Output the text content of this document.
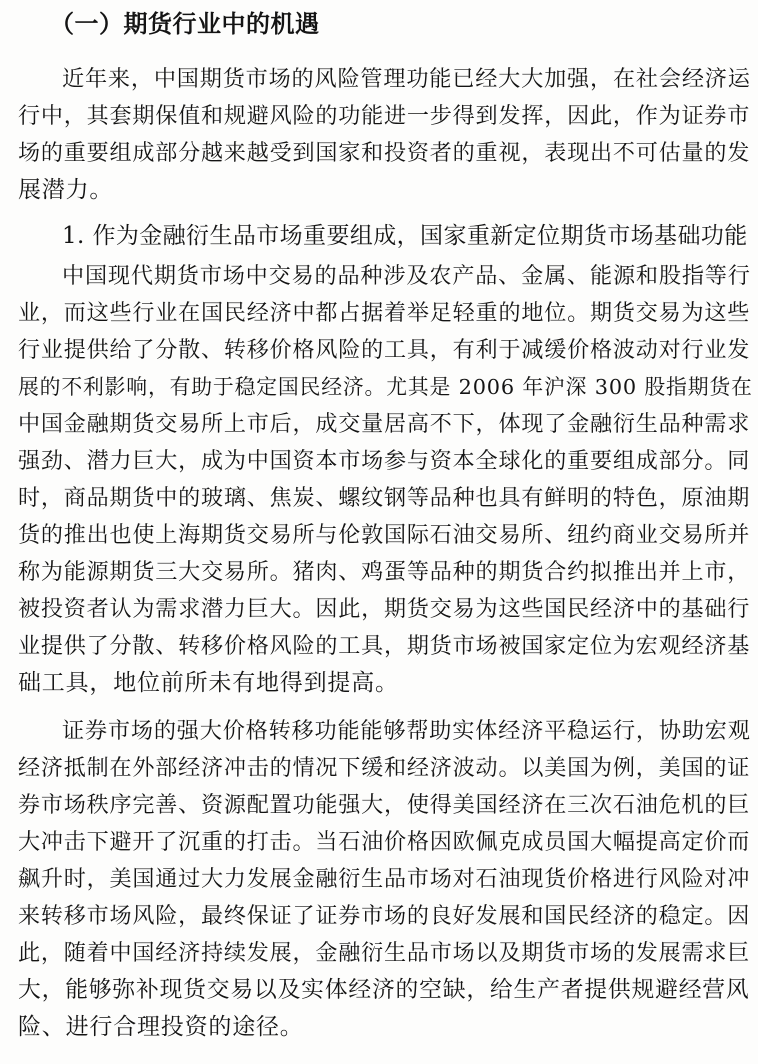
（一）期货行业中的机遇
近年来，中国期货市场的风险管理功能已经大大加强，在社会经济运
行中，其套期保值和规避风险的功能进一步得到发挥，因此，作为证券市
场的重要组成部分越来越受到国家和投资者的重视，表现出不可估量的发
展潜力。
1. 作为金融衍生品市场重要组成，国家重新定位期货市场基础功能
中国现代期货市场中交易的品种涉及农产品、金属、能源和股指等行
业，而这些行业在国民经济中都占据着举足轻重的地位。期货交易为这些
行业提供给了分散、转移价格风险的工具，有利于减缓价格波动对行业发
展的不利影响，有助于稳定国民经济。尤其是 2006 年沪深 300 股指期货在
中国金融期货交易所上市后，成交量居高不下，体现了金融衍生品种需求
强劲、潜力巨大，成为中国资本市场参与资本全球化的重要组成部分。同
时，商品期货中的玻璃、焦炭、螺纹钢等品种也具有鲜明的特色，原油期
货的推出也使上海期货交易所与伦敦国际石油交易所、纽约商业交易所并
称为能源期货三大交易所。猪肉、鸡蛋等品种的期货合约拟推出并上市，
被投资者认为需求潜力巨大。因此，期货交易为这些国民经济中的基础行
业提供了分散、转移价格风险的工具，期货市场被国家定位为宏观经济基
础工具，地位前所未有地得到提高。
证券市场的强大价格转移功能能够帮助实体经济平稳运行，协助宏观
经济抵制在外部经济冲击的情况下缓和经济波动。以美国为例，美国的证
券市场秩序完善、资源配置功能强大，使得美国经济在三次石油危机的巨
大冲击下避开了沉重的打击。当石油价格因欧佩克成员国大幅提高定价而
飙升时，美国通过大力发展金融衍生品市场对石油现货价格进行风险对冲
来转移市场风险，最终保证了证券市场的良好发展和国民经济的稳定。因
此，随着中国经济持续发展，金融衍生品市场以及期货市场的发展需求巨
大，能够弥补现货交易以及实体经济的空缺，给生产者提供规避经营风
险、进行合理投资的途径。
